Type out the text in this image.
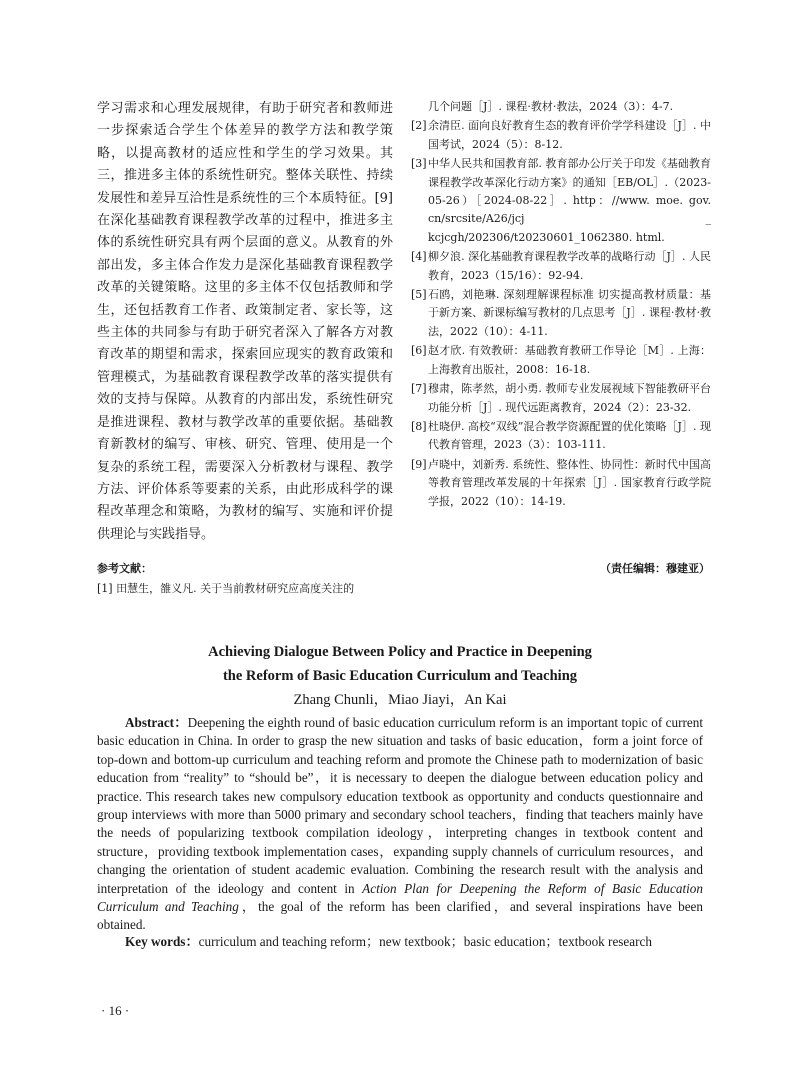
学习需求和心理发展规律，有助于研究者和教师进一步探索适合学生个体差异的教学方法和教学策略，以提高教材的适应性和学生的学习效果。其三，推进多主体的系统性研究。整体关联性、持续发展性和差异互洽性是系统性的三个本质特征。[9]在深化基础教育课程教学改革的过程中，推进多主体的系统性研究具有两个层面的意义。从教育的外部出发，多主体合作发力是深化基础教育课程教学改革的关键策略。这里的多主体不仅包括教师和学生，还包括教育工作者、政策制定者、家长等，这些主体的共同参与有助于研究者深入了解各方对教育改革的期望和需求，探索回应现实的教育政策和管理模式，为基础教育课程教学改革的落实提供有效的支持与保障。从教育的内部出发，系统性研究是推进课程、教材与教学改革的重要依据。基础教育新教材的编写、审核、研究、管理、使用是一个复杂的系统工程，需要深入分析教材与课程、教学方法、评价体系等要素的关系，由此形成科学的课程改革理念和策略，为教材的编写、实施和评价提供理论与实践指导。

几个问题［J］. 课程·教材·教法，2024（3）：4-7.
[2] 余清臣. 面向良好教育生态的教育评价学学科建设［J］. 中国考试，2024（5）：8-12.
[3] 中华人民共和国教育部. 教育部办公厅关于印发《基础教育课程教学改革深化行动方案》的通知［EB/OL］.（2023-05-26）［2024-08-22］. http：//www. moe. gov. cn/srcsite/A26/jcj _ kcjcgh/202306/t20230601_1062380. html.
[4] 柳夕浪. 深化基础教育课程教学改革的战略行动［J］. 人民教育，2023（15/16）：92-94.
[5] 石鸥，刘艳琳. 深刻理解课程标准 切实提高教材质量：基于新方案、新课标编写教材的几点思考［J］. 课程·教材·教法，2022（10）：4-11.
[6] 赵才欣. 有效教研：基础教育教研工作导论［M］. 上海：上海教育出版社，2008：16-18.
[7] 穆肃，陈孝然，胡小勇. 教师专业发展视域下智能教研平台功能分析［J］. 现代远距离教育，2024（2）：23-32.
[8] 杜晓伊. 高校“双线”混合教学资源配置的优化策略［J］. 现代教育管理，2023（3）：103-111.
[9] 卢晓中，刘新秀. 系统性、整体性、协同性：新时代中国高等教育管理改革发展的十年探索［J］. 国家教育行政学院学报，2022（10）：14-19.
参考文献：	（责任编辑：穆建亚）
[1] 田慧生，雒义凡. 关于当前教材研究应高度关注的
Achieving Dialogue Between Policy and Practice in Deepening
the Reform of Basic Education Curriculum and Teaching
Zhang Chunli，Miao Jiayi，An Kai

Abstract：Deepening the eighth round of basic education curriculum reform is an important topic of current basic education in China. In order to grasp the new situation and tasks of basic education，form a joint force of top-down and bottom-up curriculum and teaching reform and promote the Chinese path to modernization of basic education from “reality” to “should be”，it is necessary to deepen the dialogue between education policy and practice. This research takes new compulsory education textbook as opportunity and conducts questionnaire and group interviews with more than 5000 primary and secondary school teachers，finding that teachers mainly have the needs of popularizing textbook compilation ideology，interpreting changes in textbook content and structure，providing textbook implementation cases，expanding supply channels of curriculum resources，and changing the orientation of student academic evaluation. Combining the research result with the analysis and interpretation of the ideology and content in Action Plan for Deepening the Reform of Basic Education Curriculum and Teaching，the goal of the reform has been clarified，and several inspirations have been obtained.

Key words：curriculum and teaching reform；new textbook；basic education；textbook research

· 16 ·
